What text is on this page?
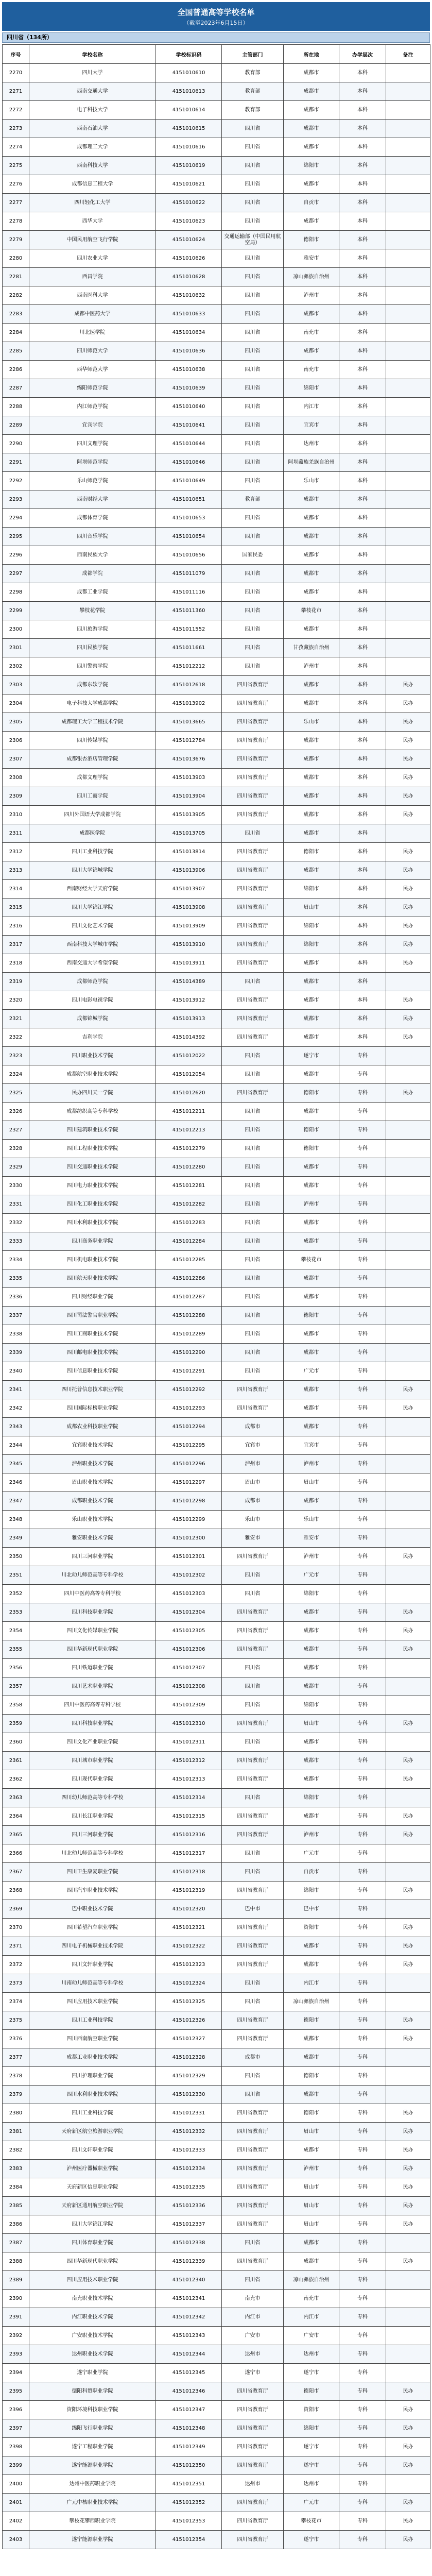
全国普通高等学校名单
（截至2023年6月15日）
四川省（134所）
序号	学校名称	学校标识码	主管部门	所在地	办学层次	备注
2270	四川大学	4151010610	教育部	成都市	本科	
2271	西南交通大学	4151010613	教育部	成都市	本科	
2272	电子科技大学	4151010614	教育部	成都市	本科	
2273	西南石油大学	4151010615	四川省	成都市	本科	
2274	成都理工大学	4151010616	四川省	成都市	本科	
2275	西南科技大学	4151010619	四川省	绵阳市	本科	
2276	成都信息工程大学	4151010621	四川省	成都市	本科	
2277	四川轻化工大学	4151010622	四川省	自贡市	本科	
2278	西华大学	4151010623	四川省	成都市	本科	
2279	中国民用航空飞行学院	4151010624	交通运输部（中国民用航空局）	德阳市	本科	
2280	四川农业大学	4151010626	四川省	雅安市	本科	
2281	西昌学院	4151010628	四川省	凉山彝族自治州	本科	
2282	西南医科大学	4151010632	四川省	泸州市	本科	
2283	成都中医药大学	4151010633	四川省	成都市	本科	
2284	川北医学院	4151010634	四川省	南充市	本科	
2285	四川师范大学	4151010636	四川省	成都市	本科	
2286	西华师范大学	4151010638	四川省	南充市	本科	
2287	绵阳师范学院	4151010639	四川省	绵阳市	本科	
2288	内江师范学院	4151010640	四川省	内江市	本科	
2289	宜宾学院	4151010641	四川省	宜宾市	本科	
2290	四川文理学院	4151010644	四川省	达州市	本科	
2291	阿坝师范学院	4151010646	四川省	阿坝藏族羌族自治州	本科	
2292	乐山师范学院	4151010649	四川省	乐山市	本科	
2293	西南财经大学	4151010651	教育部	成都市	本科	
2294	成都体育学院	4151010653	四川省	成都市	本科	
2295	四川音乐学院	4151010654	四川省	成都市	本科	
2296	西南民族大学	4151010656	国家民委	成都市	本科	
2297	成都学院	4151011079	四川省	成都市	本科	
2298	成都工业学院	4151011116	四川省	成都市	本科	
2299	攀枝花学院	4151011360	四川省	攀枝花市	本科	
2300	四川旅游学院	4151011552	四川省	成都市	本科	
2301	四川民族学院	4151011661	四川省	甘孜藏族自治州	本科	
2302	四川警察学院	4151012212	四川省	泸州市	本科	
2303	成都东软学院	4151012618	四川省教育厅	成都市	本科	民办
2304	电子科技大学成都学院	4151013902	四川省教育厅	成都市	本科	民办
2305	成都理工大学工程技术学院	4151013665	四川省教育厅	乐山市	本科	民办
2306	四川传媒学院	4151012784	四川省教育厅	成都市	本科	民办
2307	成都银杏酒店管理学院	4151013676	四川省教育厅	成都市	本科	民办
2308	成都文理学院	4151013903	四川省教育厅	成都市	本科	民办
2309	四川工商学院	4151013904	四川省教育厅	成都市	本科	民办
2310	四川外国语大学成都学院	4151013905	四川省教育厅	成都市	本科	民办
2311	成都医学院	4151013705	四川省	成都市	本科	
2312	四川工业科技学院	4151013814	四川省教育厅	德阳市	本科	民办
2313	四川大学锦城学院	4151013906	四川省教育厅	成都市	本科	民办
2314	西南财经大学天府学院	4151013907	四川省教育厅	绵阳市	本科	民办
2315	四川大学锦江学院	4151013908	四川省教育厅	眉山市	本科	民办
2316	四川文化艺术学院	4151013909	四川省教育厅	绵阳市	本科	民办
2317	西南科技大学城市学院	4151013910	四川省教育厅	绵阳市	本科	民办
2318	西南交通大学希望学院	4151013911	四川省教育厅	成都市	本科	民办
2319	成都师范学院	4151014389	四川省	成都市	本科	
2320	四川电影电视学院	4151013912	四川省教育厅	成都市	本科	民办
2321	成都锦城学院	4151013913	四川省教育厅	成都市	本科	民办
2322	吉利学院	4151014392	四川省教育厅	成都市	本科	民办
2323	四川职业技术学院	4151012022	四川省	遂宁市	专科	
2324	成都航空职业技术学院	4151012054	四川省	成都市	专科	
2325	民办四川天一学院	4151012620	四川省教育厅	德阳市	专科	民办
2326	成都纺织高等专科学校	4151012211	四川省	成都市	专科	
2327	四川建筑职业技术学院	4151012213	四川省	德阳市	专科	
2328	四川工程职业技术学院	4151012279	四川省	德阳市	专科	
2329	四川交通职业技术学院	4151012280	四川省	成都市	专科	
2330	四川电力职业技术学院	4151012281	四川省	成都市	专科	
2331	四川化工职业技术学院	4151012282	四川省	泸州市	专科	
2332	四川水利职业技术学院	4151012283	四川省	成都市	专科	
2333	四川商务职业学院	4151012284	四川省	成都市	专科	
2334	四川机电职业技术学院	4151012285	四川省	攀枝花市	专科	
2335	四川航天职业技术学院	4151012286	四川省	成都市	专科	
2336	四川财经职业学院	4151012287	四川省	成都市	专科	
2337	四川司法警官职业学院	4151012288	四川省	德阳市	专科	
2338	四川工商职业技术学院	4151012289	四川省	成都市	专科	
2339	四川邮电职业技术学院	4151012290	四川省	成都市	专科	
2340	四川信息职业技术学院	4151012291	四川省	广元市	专科	
2341	四川托普信息技术职业学院	4151012292	四川省教育厅	成都市	专科	民办
2342	四川国际标榜职业学院	4151012293	四川省教育厅	成都市	专科	民办
2343	成都农业科技职业学院	4151012294	成都市	成都市	专科	
2344	宜宾职业技术学院	4151012295	宜宾市	宜宾市	专科	
2345	泸州职业技术学院	4151012296	泸州市	泸州市	专科	
2346	眉山职业技术学院	4151012297	眉山市	眉山市	专科	
2347	成都职业技术学院	4151012298	成都市	成都市	专科	
2348	乐山职业技术学院	4151012299	乐山市	乐山市	专科	
2349	雅安职业技术学院	4151012300	雅安市	雅安市	专科	
2350	四川三河职业学院	4151012301	四川省教育厅	泸州市	专科	民办
2351	川北幼儿师范高等专科学校	4151012302	四川省	广元市	专科	
2352	四川中医药高等专科学校	4151012303	四川省	绵阳市	专科	
2353	四川科技职业学院	4151012304	四川省教育厅	成都市	专科	民办
2354	四川文化传媒职业学院	4151012305	四川省教育厅	成都市	专科	民办
2355	四川华新现代职业学院	4151012306	四川省教育厅	成都市	专科	民办
2356	四川铁道职业学院	4151012307	四川省	成都市	专科	
2357	四川艺术职业学院	4151012308	四川省	成都市	专科	
2358	四川中医药高等专科学校	4151012309	四川省	绵阳市	专科	
2359	四川科技职业学院	4151012310	四川省教育厅	眉山市	专科	民办
2360	四川文化产业职业学院	4151012311	四川省	成都市	专科	
2361	四川城市职业学院	4151012312	四川省教育厅	成都市	专科	民办
2362	四川现代职业学院	4151012313	四川省教育厅	成都市	专科	民办
2363	四川幼儿师范高等专科学校	4151012314	四川省	绵阳市	专科	
2364	四川长江职业学院	4151012315	四川省教育厅	成都市	专科	民办
2365	四川三河职业学院	4151012316	四川省教育厅	泸州市	专科	民办
2366	川北幼儿师范高等专科学校	4151012317	四川省	广元市	专科	
2367	四川卫生康复职业学院	4151012318	四川省	自贡市	专科	
2368	四川汽车职业技术学院	4151012319	四川省教育厅	绵阳市	专科	民办
2369	巴中职业技术学院	4151012320	巴中市	巴中市	专科	
2370	四川希望汽车职业学院	4151012321	四川省教育厅	资阳市	专科	民办
2371	四川电子机械职业技术学院	4151012322	四川省教育厅	成都市	专科	民办
2372	四川文轩职业学院	4151012323	四川省教育厅	成都市	专科	民办
2373	川南幼儿师范高等专科学校	4151012324	四川省	内江市	专科	
2374	四川应用技术职业学院	4151012325	四川省	凉山彝族自治州	专科	
2375	四川工业科技学院	4151012326	四川省教育厅	德阳市	专科	民办
2376	四川西南航空职业学院	4151012327	四川省教育厅	成都市	专科	民办
2377	成都工业职业技术学院	4151012328	成都市	成都市	专科	
2378	四川护理职业学院	4151012329	四川省	德阳市	专科	
2379	四川水利职业技术学院	4151012330	四川省	成都市	专科	
2380	四川工业科技学院	4151012331	四川省教育厅	德阳市	专科	民办
2381	天府新区航空旅游职业学院	4151012332	四川省教育厅	眉山市	专科	民办
2382	四川文轩职业学院	4151012333	四川省教育厅	成都市	专科	民办
2383	泸州医疗器械职业学院	4151012334	四川省教育厅	泸州市	专科	民办
2384	天府新区信息职业学院	4151012335	四川省教育厅	眉山市	专科	民办
2385	天府新区通用航空职业学院	4151012336	四川省教育厅	眉山市	专科	民办
2386	四川大学锦江学院	4151012337	四川省教育厅	眉山市	专科	民办
2387	四川体育职业学院	4151012338	四川省	成都市	专科	
2388	四川华新现代职业学院	4151012339	四川省教育厅	成都市	专科	民办
2389	四川应用技术职业学院	4151012340	四川省	凉山彝族自治州	专科	
2390	南充职业技术学院	4151012341	南充市	南充市	专科	
2391	内江职业技术学院	4151012342	内江市	内江市	专科	
2392	广安职业技术学院	4151012343	广安市	广安市	专科	
2393	达州职业技术学院	4151012344	达州市	达州市	专科	
2394	遂宁职业学院	4151012345	遂宁市	遂宁市	专科	
2395	德阳科贸职业学院	4151012346	四川省教育厅	德阳市	专科	民办
2396	资阳环境科技职业学院	4151012347	四川省教育厅	资阳市	专科	民办
2397	绵阳飞行职业学院	4151012348	四川省教育厅	绵阳市	专科	民办
2398	遂宁工程职业学院	4151012349	四川省教育厅	遂宁市	专科	民办
2399	遂宁能源职业学院	4151012350	四川省教育厅	遂宁市	专科	民办
2400	达州中医药职业学院	4151012351	达州市	达州市	专科	
2401	广元中核职业技术学院	4151012352	四川省教育厅	广元市	专科	民办
2402	攀枝花攀西职业学院	4151012353	四川省教育厅	攀枝花市	专科	民办
2403	遂宁能源职业学院	4151012354	四川省教育厅	遂宁市	专科	民办
